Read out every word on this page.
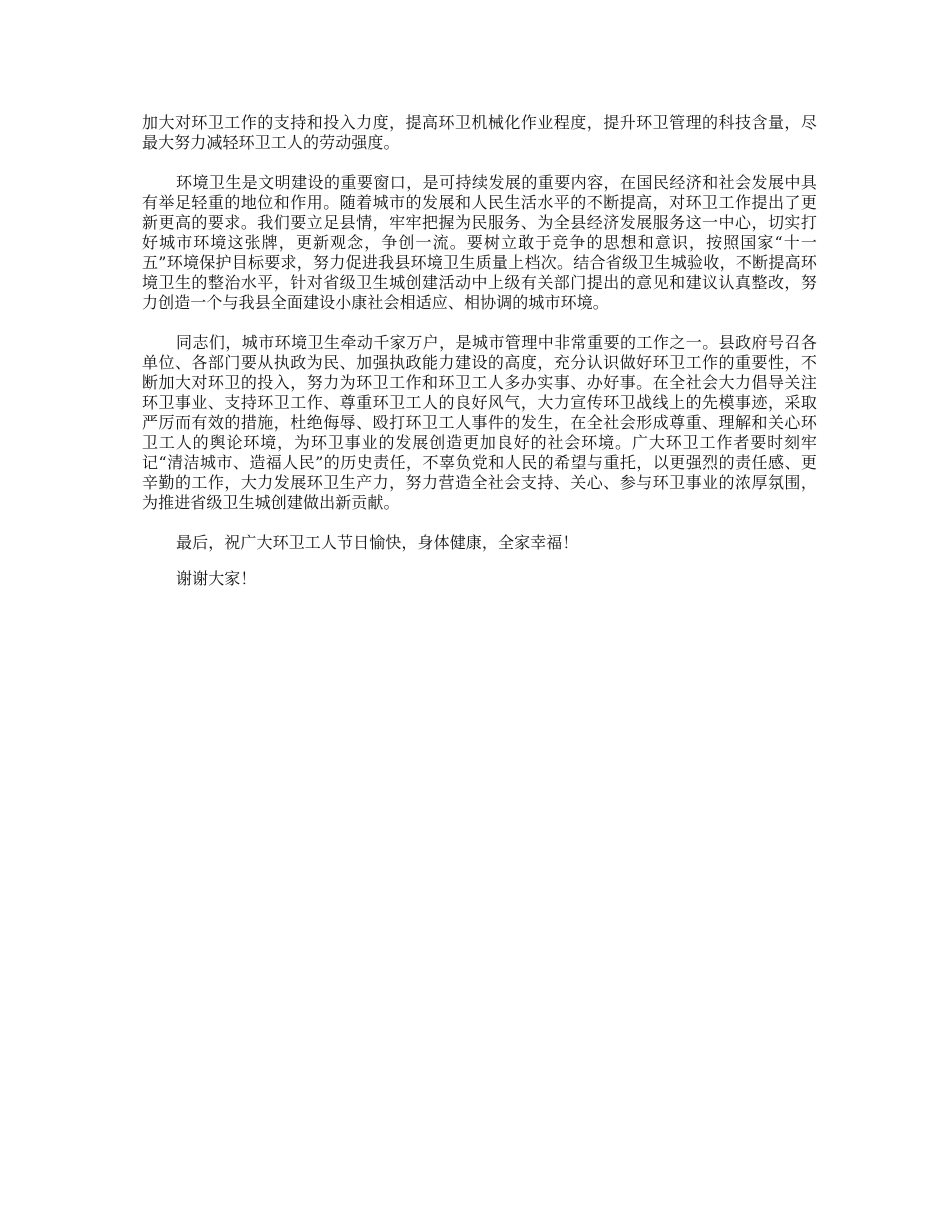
加大对环卫工作的支持和投入力度，提高环卫机械化作业程度，提升环卫管理的科技含量，尽最大努力减轻环卫工人的劳动强度。

环境卫生是文明建设的重要窗口，是可持续发展的重要内容，在国民经济和社会发展中具有举足轻重的地位和作用。随着城市的发展和人民生活水平的不断提高，对环卫工作提出了更新更高的要求。我们要立足县情，牢牢把握为民服务、为全县经济发展服务这一中心，切实打好城市环境这张牌，更新观念，争创一流。要树立敢于竞争的思想和意识，按照国家“十一五”环境保护目标要求，努力促进我县环境卫生质量上档次。结合省级卫生城验收，不断提高环境卫生的整治水平，针对省级卫生城创建活动中上级有关部门提出的意见和建议认真整改，努力创造一个与我县全面建设小康社会相适应、相协调的城市环境。

同志们，城市环境卫生牵动千家万户，是城市管理中非常重要的工作之一。县政府号召各单位、各部门要从执政为民、加强执政能力建设的高度，充分认识做好环卫工作的重要性，不断加大对环卫的投入，努力为环卫工作和环卫工人多办实事、办好事。在全社会大力倡导关注环卫事业、支持环卫工作、尊重环卫工人的良好风气，大力宣传环卫战线上的先模事迹，采取严厉而有效的措施，杜绝侮辱、殴打环卫工人事件的发生，在全社会形成尊重、理解和关心环卫工人的舆论环境，为环卫事业的发展创造更加良好的社会环境。广大环卫工作者要时刻牢记“清洁城市、造福人民”的历史责任，不辜负党和人民的希望与重托，以更强烈的责任感、更辛勤的工作，大力发展环卫生产力，努力营造全社会支持、关心、参与环卫事业的浓厚氛围，为推进省级卫生城创建做出新贡献。

最后，祝广大环卫工人节日愉快，身体健康，全家幸福！

谢谢大家！
